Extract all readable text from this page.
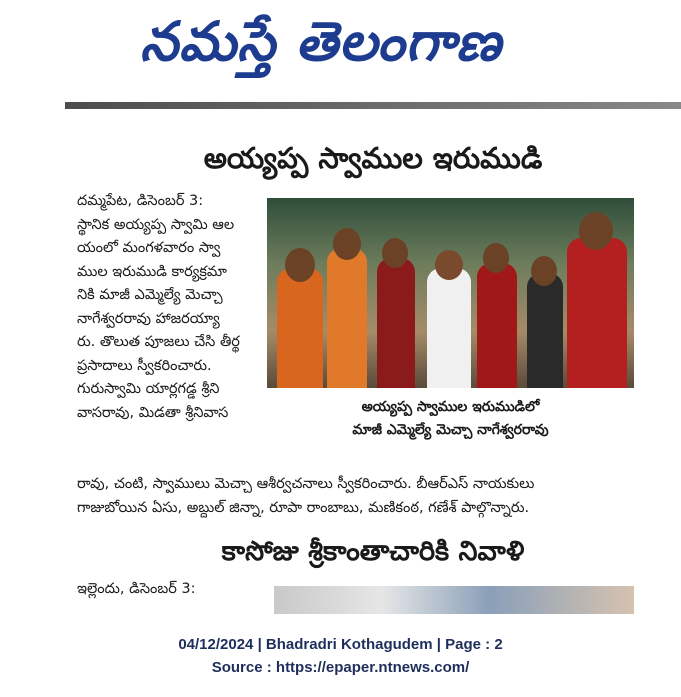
నమస్తే తెలంగాణ
అయ్యప్ప స్వాముల ఇరుముడి
దమ్మపేట, డిసెంబర్ 3:
స్థానిక అయ్యప్ప స్వామి ఆల
యంలో మంగళవారం స్వా
ముల ఇరుముడి కార్యక్రమా
నికి మాజీ ఎమ్మెల్యే మెచ్చా
నాగేశ్వరరావు హాజరయ్యా
రు. తొలుత పూజలు చేసి తీర్థ
ప్రసాదాలు స్వీకరించారు.
గురుస్వామి యార్లగడ్డ శ్రీని
వాసరావు, మిడతా శ్రీనివాస	అయ్యప్ప స్వాముల ఇరుముడిలో
మాజీ ఎమ్మెల్యే మెచ్చా నాగేశ్వరరావు
రావు, చంటి, స్వాములు మెచ్చా ఆశీర్వచనాలు స్వీకరించారు. బీఆర్ఎస్ నాయకులు
గాజుబోయిన ఏసు, అబ్దుల్ జిన్నా, రూపా రాంబాబు, మణికంఠ, గణేశ్ పాల్గొన్నారు.
కాసోజు శ్రీకాంతాచారికి నివాళి
ఇల్లెందు, డిసెంబర్ 3:
04/12/2024 | Bhadradri Kothagudem | Page : 2
Source : https://epaper.ntnews.com/
